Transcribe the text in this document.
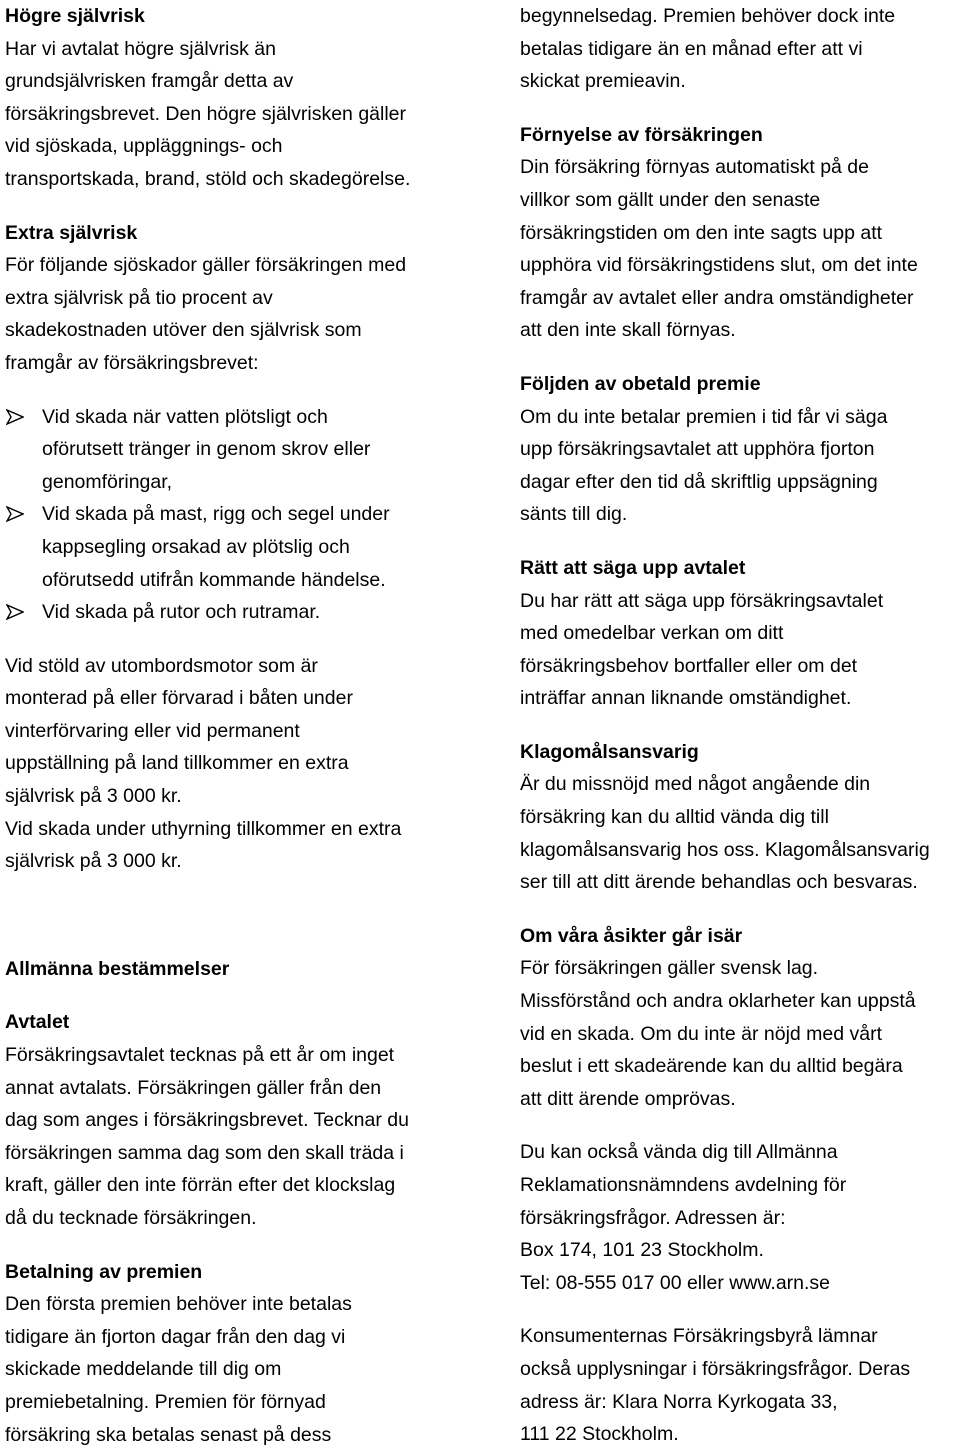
Högre självrisk
Har vi avtalat högre självrisk än
grundsjälvrisken framgår detta av
försäkringsbrevet. Den högre självrisken gäller
vid sjöskada, uppläggnings- och
transportskada, brand, stöld och skadegörelse.
Extra självrisk
För följande sjöskador gäller försäkringen med
extra självrisk på tio procent av
skadekostnaden utöver den självrisk som
framgår av försäkringsbrevet:
Vid skada när vatten plötsligt och
oförutsett tränger in genom skrov eller
genomföringar,
Vid skada på mast, rigg och segel under
kappsegling orsakad av plötslig och
oförutsedd utifrån kommande händelse.
Vid skada på rutor och rutramar.
Vid stöld av utombordsmotor som är
monterad på eller förvarad i båten under
vinterförvaring eller vid permanent
uppställning på land tillkommer en extra
självrisk på 3 000 kr.
Vid skada under uthyrning tillkommer en extra
självrisk på 3 000 kr.
Allmänna bestämmelser
Avtalet
Försäkringsavtalet tecknas på ett år om inget
annat avtalats. Försäkringen gäller från den
dag som anges i försäkringsbrevet. Tecknar du
försäkringen samma dag som den skall träda i
kraft, gäller den inte förrän efter det klockslag
då du tecknade försäkringen.
Betalning av premien
Den första premien behöver inte betalas
tidigare än fjorton dagar från den dag vi
skickade meddelande till dig om
premiebetalning. Premien för förnyad
försäkring ska betalas senast på dess
begynnelsedag. Premien behöver dock inte
betalas tidigare än en månad efter att vi
skickat premieavin.
Förnyelse av försäkringen
Din försäkring förnyas automatiskt på de
villkor som gällt under den senaste
försäkringstiden om den inte sagts upp att
upphöra vid försäkringstidens slut, om det inte
framgår av avtalet eller andra omständigheter
att den inte skall förnyas.
Följden av obetald premie
Om du inte betalar premien i tid får vi säga
upp försäkringsavtalet att upphöra fjorton
dagar efter den tid då skriftlig uppsägning
sänts till dig.
Rätt att säga upp avtalet
Du har rätt att säga upp försäkringsavtalet
med omedelbar verkan om ditt
försäkringsbehov bortfaller eller om det
inträffar annan liknande omständighet.
Klagomålsansvarig
Är du missnöjd med något angående din
försäkring kan du alltid vända dig till
klagomålsansvarig hos oss. Klagomålsansvarig
ser till att ditt ärende behandlas och besvaras.
Om våra åsikter går isär
För försäkringen gäller svensk lag.
Missförstånd och andra oklarheter kan uppstå
vid en skada. Om du inte är nöjd med vårt
beslut i ett skadeärende kan du alltid begära
att ditt ärende omprövas.
Du kan också vända dig till Allmänna
Reklamationsnämndens avdelning för
försäkringsfrågor. Adressen är:
Box 174, 101 23 Stockholm.
Tel: 08-555 017 00 eller www.arn.se
Konsumenternas Försäkringsbyrå lämnar
också upplysningar i försäkringsfrågor. Deras
adress är: Klara Norra Kyrkogata 33,
111 22 Stockholm.
